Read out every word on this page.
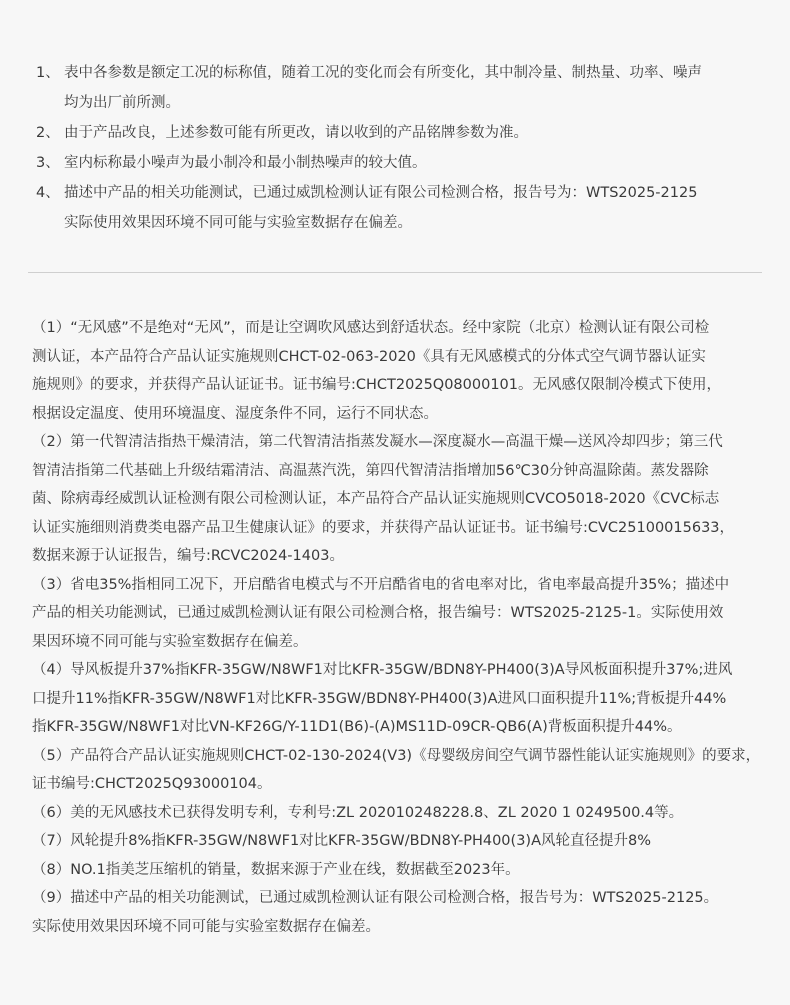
1、 表中各参数是额定工况的标称值，随着工况的变化而会有所变化，其中制冷量、制热量、功率、噪声
均为出厂前所测。
2、 由于产品改良，上述参数可能有所更改，请以收到的产品铭牌参数为准。
3、 室内标称最小噪声为最小制冷和最小制热噪声的较大值。
4、 描述中产品的相关功能测试，已通过威凯检测认证有限公司检测合格，报告号为：WTS2025-2125
实际使用效果因环境不同可能与实验室数据存在偏差。

（1）“无风感”不是绝对“无风”，而是让空调吹风感达到舒适状态。经中家院（北京）检测认证有限公司检

测认证，本产品符合产品认证实施规则CHCT-02-063-2020《具有无风感模式的分体式空气调节器认证实

施规则》的要求，并获得产品认证证书。证书编号:CHCT2025Q08000101。无风感仅限制冷模式下使用，

根据设定温度、使用环境温度、湿度条件不同，运行不同状态。

（2）第一代智清洁指热干燥清洁，第二代智清洁指蒸发凝水—深度凝水—高温干燥—送风冷却四步；第三代

智清洁指第二代基础上升级结霜清洁、高温蒸汽洗，第四代智清洁指增加56℃30分钟高温除菌。蒸发器除

菌、除病毒经威凯认证检测有限公司检测认证，本产品符合产品认证实施规则CVCO5018-2020《CVC标志

认证实施细则消费类电器产品卫生健康认证》的要求，并获得产品认证证书。证书编号:CVC25100015633，

数据来源于认证报告，编号:RCVC2024-1403。

（3）省电35%指相同工况下，开启酷省电模式与不开启酷省电的省电率对比，省电率最高提升35%；描述中

产品的相关功能测试，已通过威凯检测认证有限公司检测合格，报告编号：WTS2025-2125-1。实际使用效

果因环境不同可能与实验室数据存在偏差。

（4）导风板提升37%指KFR-35GW/N8WF1对比KFR-35GW/BDN8Y-PH400(3)A导风板面积提升37%;进风

口提升11%指KFR-35GW/N8WF1对比KFR-35GW/BDN8Y-PH400(3)A进风口面积提升11%;背板提升44%

指KFR-35GW/N8WF1对比VN-KF26G/Y-11D1(B6)-(A)MS11D-09CR-QB6(A)背板面积提升44%。

（5）产品符合产品认证实施规则CHCT-02-130-2024(V3)《母婴级房间空气调节器性能认证实施规则》的要求，

证书编号:CHCT2025Q93000104。

（6）美的无风感技术已获得发明专利，专利号:ZL 202010248228.8、ZL 2020 1 0249500.4等。

（7）风轮提升8%指KFR-35GW/N8WF1对比KFR-35GW/BDN8Y-PH400(3)A风轮直径提升8%

（8）NO.1指美芝压缩机的销量，数据来源于产业在线，数据截至2023年。

（9）描述中产品的相关功能测试，已通过威凯检测认证有限公司检测合格，报告号为：WTS2025-2125。

实际使用效果因环境不同可能与实验室数据存在偏差。
